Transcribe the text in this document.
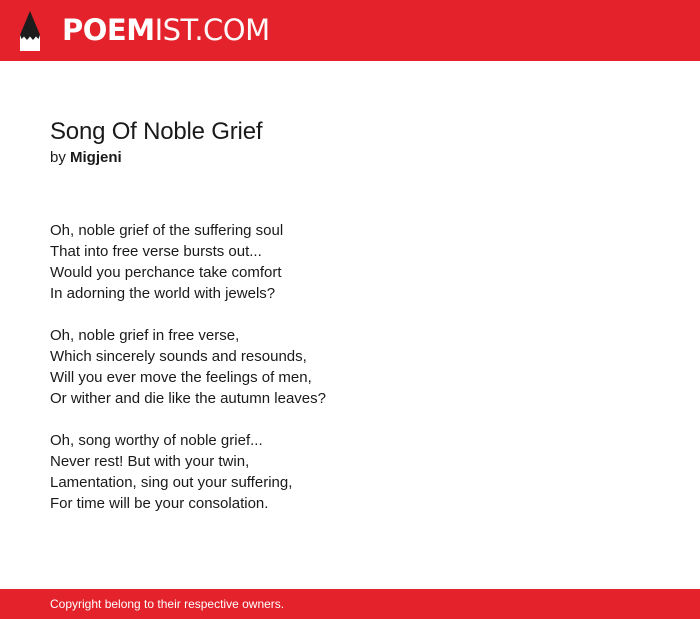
POEMIST.COM
Song Of Noble Grief

by Migjeni

Oh, noble grief of the suffering soul
That into free verse bursts out...
Would you perchance take comfort
In adorning the world with jewels?
Oh, noble grief in free verse,
Which sincerely sounds and resounds,
Will you ever move the feelings of men,
Or wither and die like the autumn leaves?
Oh, song worthy of noble grief...
Never rest! But with your twin,
Lamentation, sing out your suffering,
For time will be your consolation.
Copyright belong to their respective owners.
